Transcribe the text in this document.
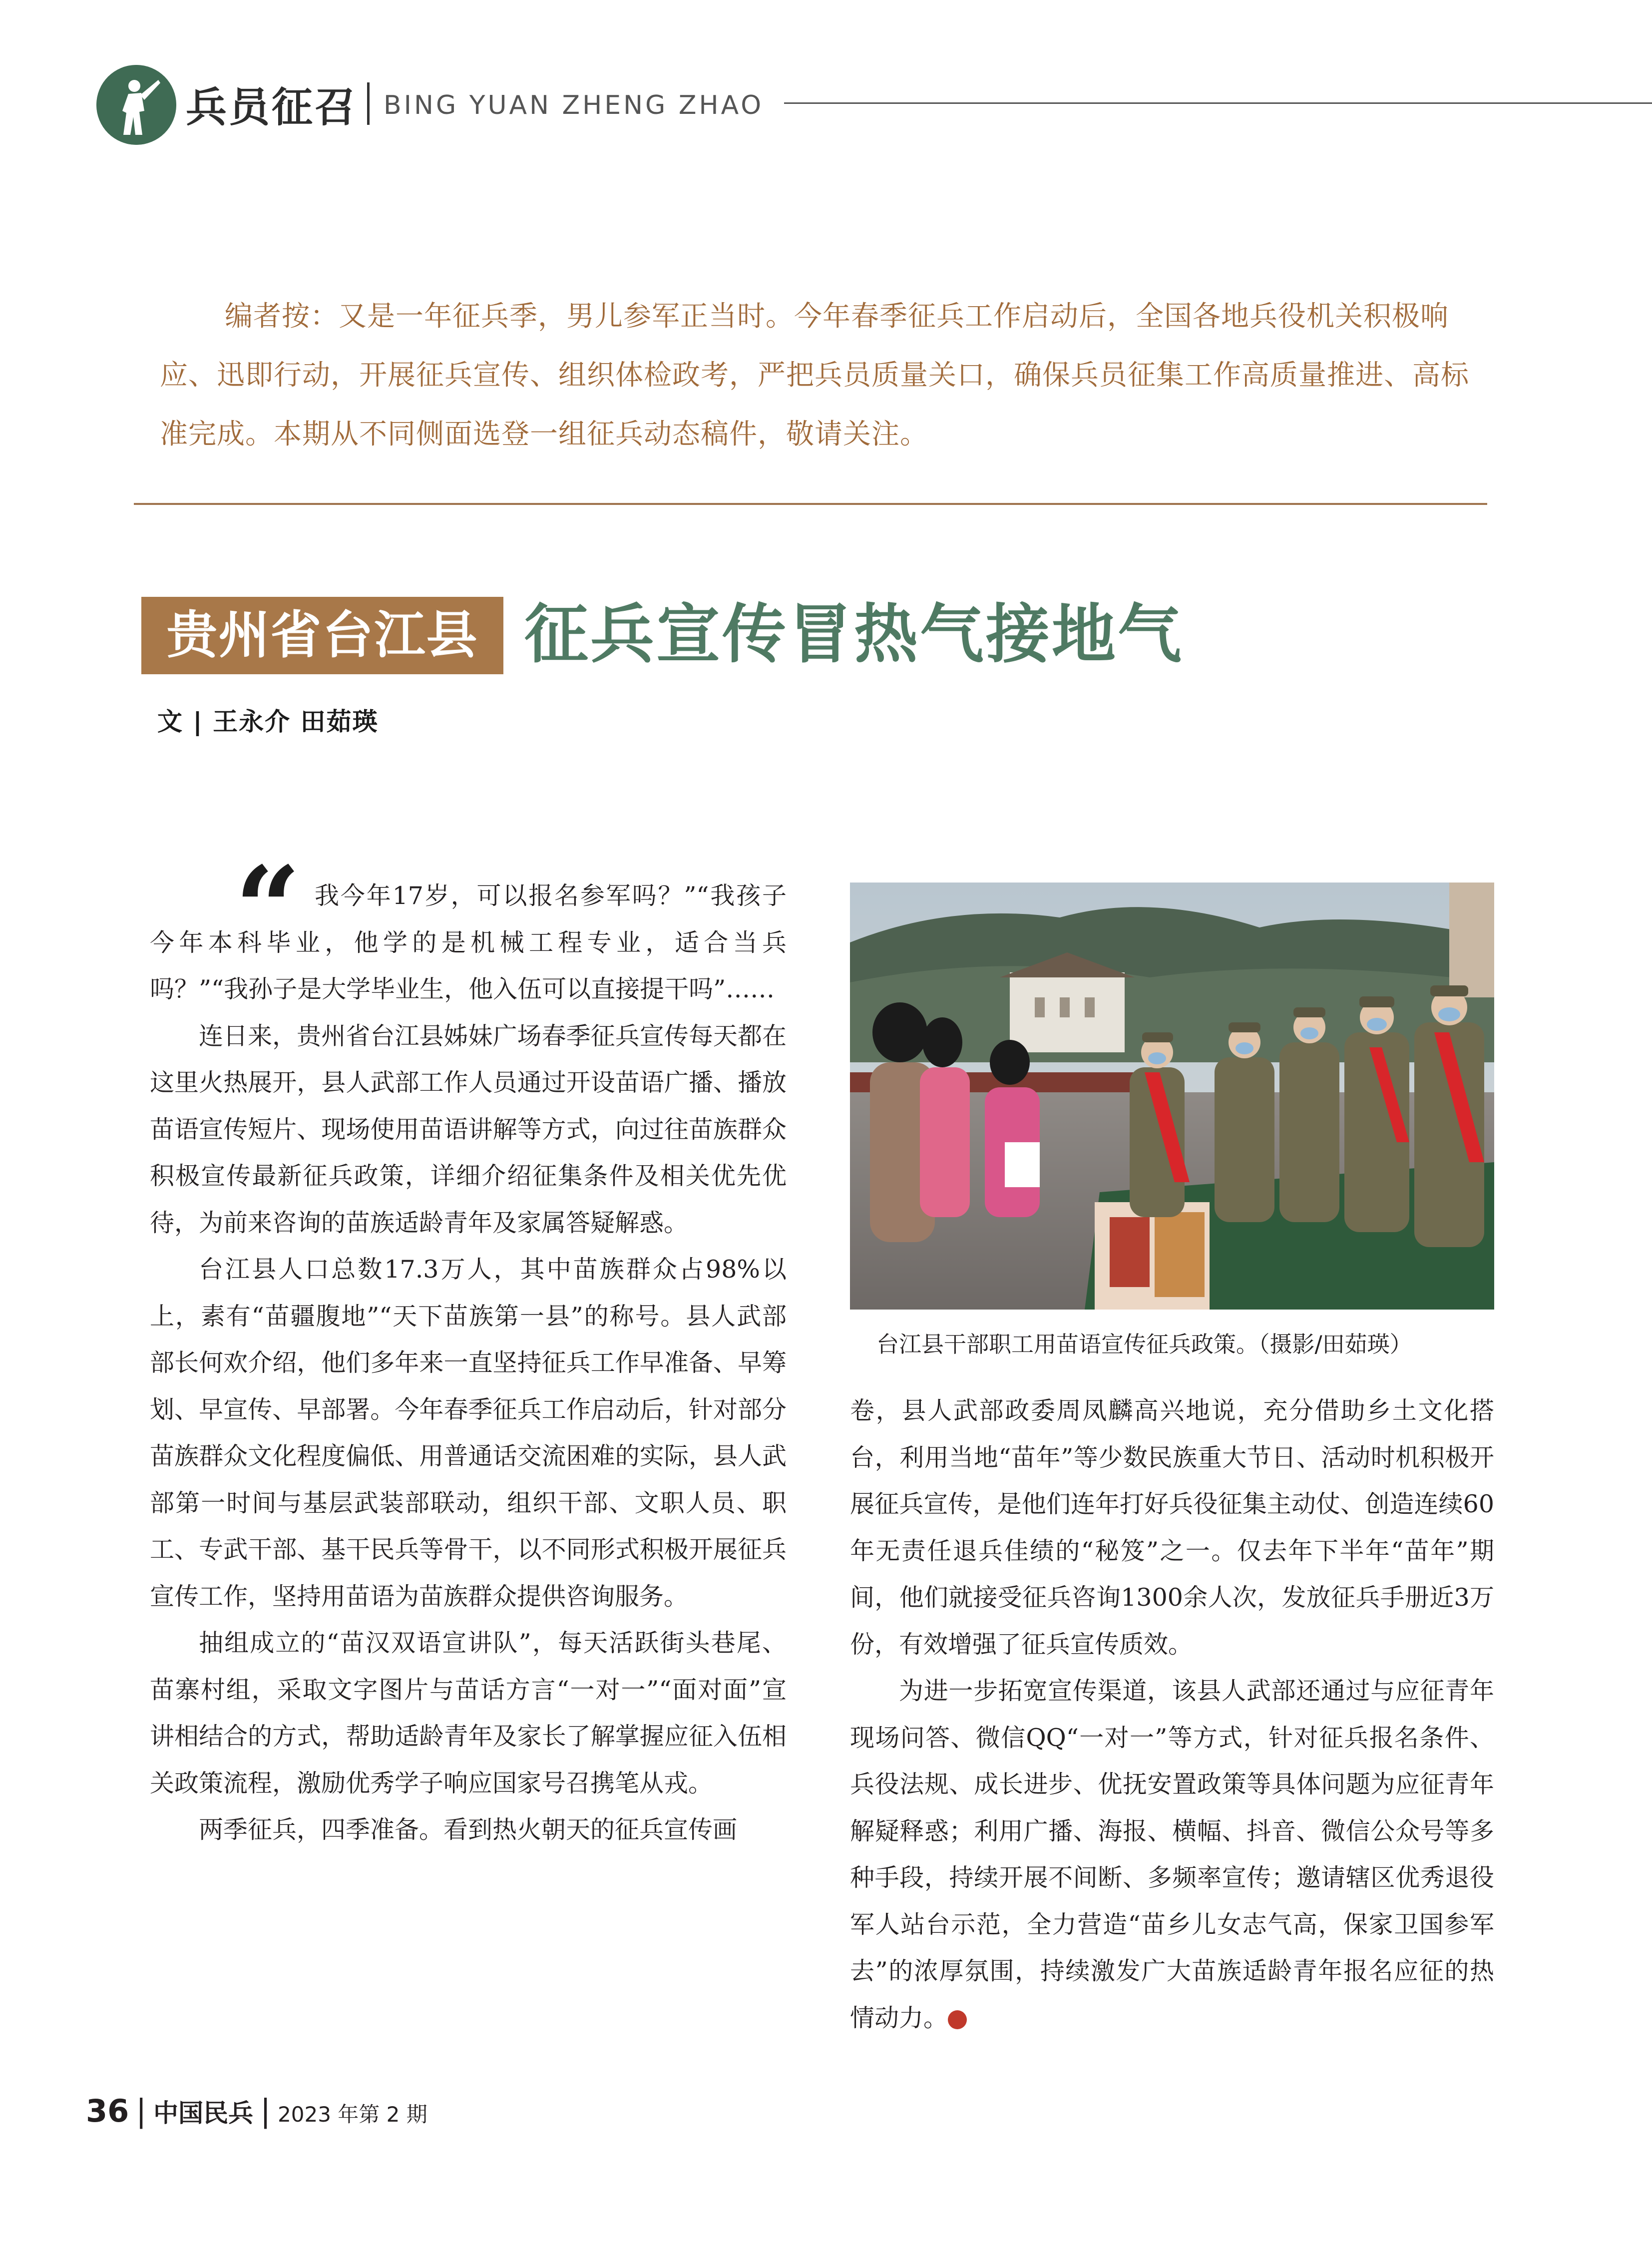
兵员征召 BING YUAN ZHENG ZHAO
编者按：又是一年征兵季，男儿参军正当时。今年春季征兵工作启动后，全国各地兵役机关积极响应、迅即行动，开展征兵宣传、组织体检政考，严把兵员质量关口，确保兵员征集工作高质量推进、高标准完成。本期从不同侧面选登一组征兵动态稿件，敬请关注。
贵州省台江县 征兵宣传冒热气接地气
文 | 王永介 田茹瑛
“ 我今年17岁，可以报名参军吗？”“我孩子今年本科毕业，他学的是机械工程专业，适合当兵吗？”“我孙子是大学毕业生，他入伍可以直接提干吗”……

连日来，贵州省台江县姊妹广场春季征兵宣传每天都在这里火热展开，县人武部工作人员通过开设苗语广播、播放苗语宣传短片、现场使用苗语讲解等方式，向过往苗族群众积极宣传最新征兵政策，详细介绍征集条件及相关优先优待，为前来咨询的苗族适龄青年及家属答疑解惑。

台江县人口总数17.3万人，其中苗族群众占98%以上，素有“苗疆腹地”“天下苗族第一县”的称号。县人武部部长何欢介绍，他们多年来一直坚持征兵工作早准备、早筹划、早宣传、早部署。今年春季征兵工作启动后，针对部分苗族群众文化程度偏低、用普通话交流困难的实际，县人武部第一时间与基层武装部联动，组织干部、文职人员、职工、专武干部、基干民兵等骨干，以不同形式积极开展征兵宣传工作，坚持用苗语为苗族群众提供咨询服务。

抽组成立的“苗汉双语宣讲队”，每天活跃街头巷尾、苗寨村组，采取文字图片与苗话方言“一对一”“面对面”宣讲相结合的方式，帮助适龄青年及家长了解掌握应征入伍相关政策流程，激励优秀学子响应国家号召携笔从戎。

两季征兵，四季准备。看到热火朝天的征兵宣传画

台江县干部职工用苗语宣传征兵政策。（摄影/田茹瑛）

卷，县人武部政委周凤麟高兴地说，充分借助乡土文化搭台，利用当地“苗年”等少数民族重大节日、活动时机积极开展征兵宣传，是他们连年打好兵役征集主动仗、创造连续60年无责任退兵佳绩的“秘笈”之一。仅去年下半年“苗年”期间，他们就接受征兵咨询1300余人次，发放征兵手册近3万份，有效增强了征兵宣传质效。

为进一步拓宽宣传渠道，该县人武部还通过与应征青年现场问答、微信QQ“一对一”等方式，针对征兵报名条件、兵役法规、成长进步、优抚安置政策等具体问题为应征青年解疑释惑；利用广播、海报、横幅、抖音、微信公众号等多种手段，持续开展不间断、多频率宣传；邀请辖区优秀退役军人站台示范，全力营造“苗乡儿女志气高，保家卫国参军去”的浓厚氛围，持续激发广大苗族适龄青年报名应征的热情动力。	⛨

36 | 中国民兵 | 2023 年第 2 期
